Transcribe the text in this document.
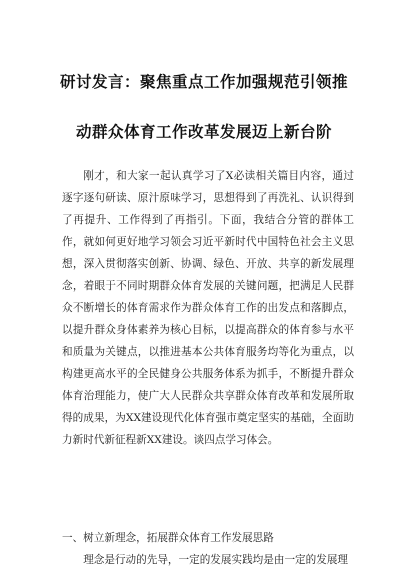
研讨发言：聚焦重点工作加强规范引领推
动群众体育工作改革发展迈上新台阶

刚才，和大家一起认真学习了X必读相关篇目内容，通过逐字逐句研读、原汁原味学习，思想得到了再洗礼、认识得到了再提升、工作得到了再指引。下面，我结合分管的群体工作，就如何更好地学习领会习近平新时代中国特色社会主义思想，深入贯彻落实创新、协调、绿色、开放、共享的新发展理念，着眼于不同时期群众体育发展的关键问题，把满足人民群众不断增长的体育需求作为群众体育工作的出发点和落脚点，以提升群众身体素养为核心目标，以提高群众的体育参与水平和质量为关键点，以推进基本公共体育服务均等化为重点，以构建更高水平的全民健身公共服务体系为抓手，不断提升群众体育治理能力，使广大人民群众共享群众体育改革和发展所取得的成果，为XX建设现代化体育强市奠定坚实的基础，全面助力新时代新征程新XX建设。谈四点学习体会。

一、树立新理念，拓展群众体育工作发展思路

理念是行动的先导，一定的发展实践均是由一定的发展理
